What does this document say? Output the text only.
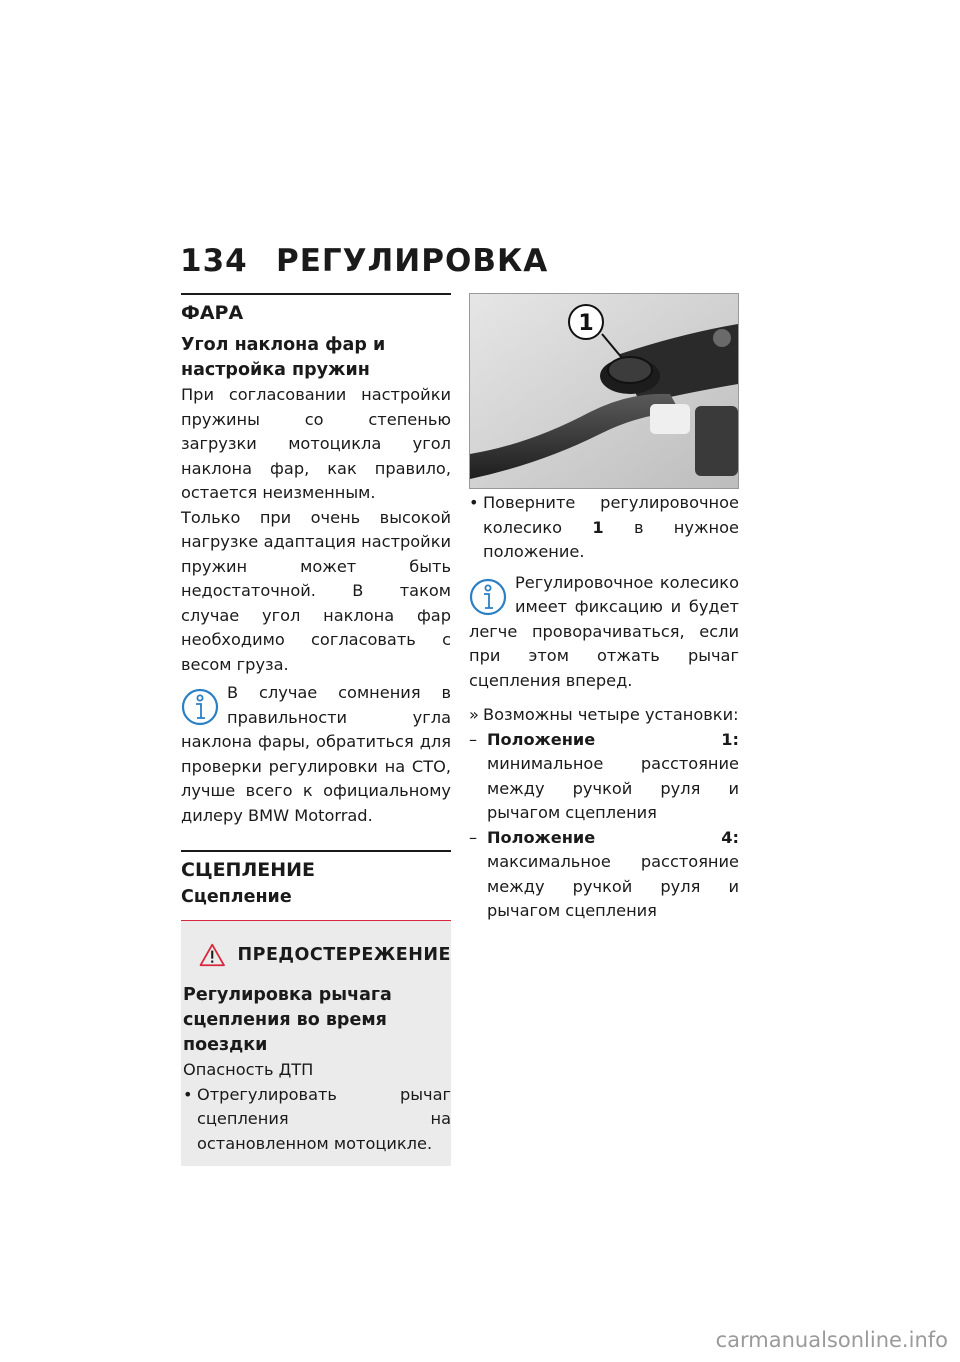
134 РЕГУЛИРОВКА
ФАРА
Угол наклона фар и настройка пружин

При согласовании настройки пружины со степенью загрузки мотоцикла угол наклона фар, как правило, остается неизменным.

Только при очень высокой нагрузке адаптация настройки пружин может быть недостаточной. В таком случае угол наклона фар необходимо согласовать с весом груза.

В случае сомнения в правильности угла наклона фары, обратиться для проверки регулировки на СТО, лучше всего к официальному дилеру BMW Motorrad.

СЦЕПЛЕНИЕ
Сцепление
ПРЕДОСТЕРЕЖЕНИЕ
Регулировка рычага сцепления во время поездки

Опасность ДТП

• Отрегулировать рычаг сцепления на остановленном мотоцикле.

1
• Поверните регулировочное колесико 1 в нужное положение.

Регулировочное колесико имеет фиксацию и будет легче проворачиваться, если при этом отжать рычаг сцепления вперед.

» Возможны четыре установки:

– Положение 1: минимальное расстояние между ручкой руля и рычагом сцепления

– Положение 4: максимальное расстояние между ручкой руля и рычагом сцепления

carmanualsonline.info
